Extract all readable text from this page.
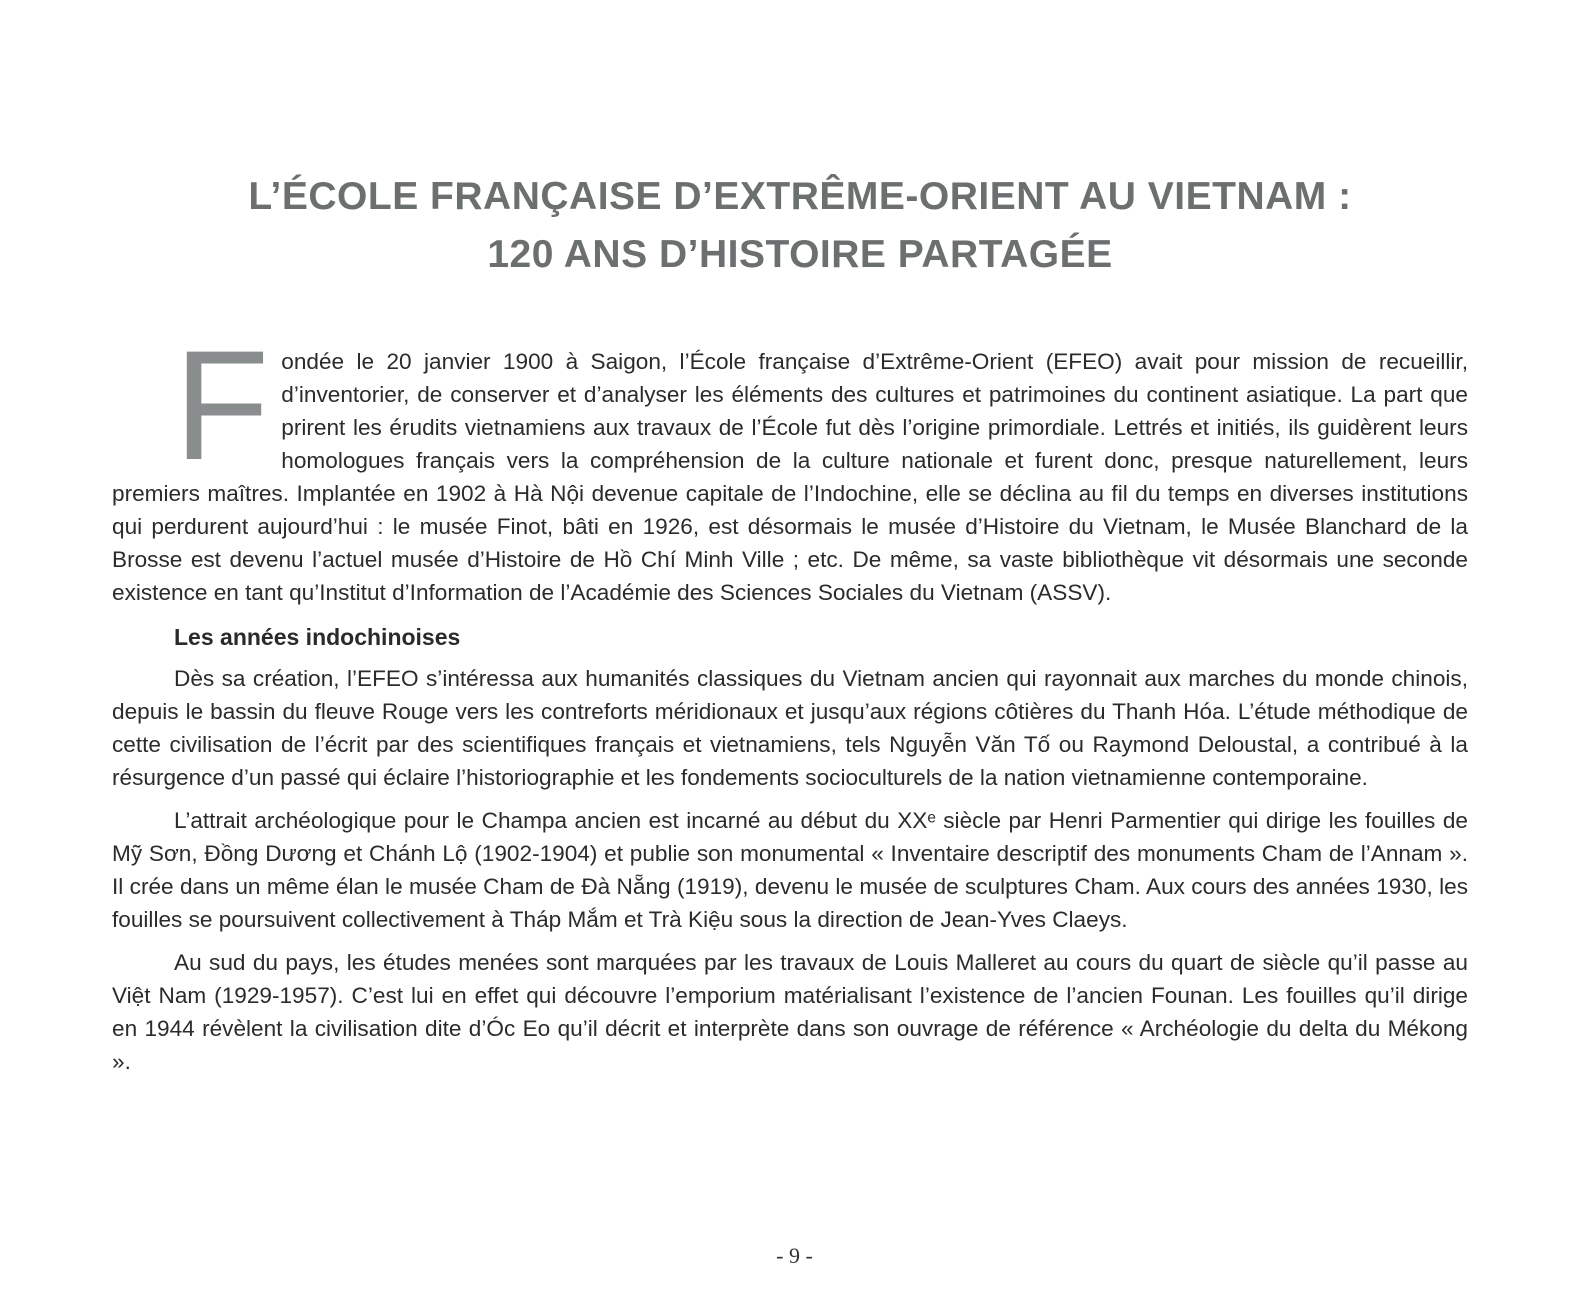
L’ÉCOLE FRANÇAISE D’EXTRÊME-ORIENT AU VIETNAM :
120 ANS D’HISTOIRE PARTAGÉE

F ondée le 20 janvier 1900 à Saigon, l’École française d’Extrême-Orient (EFEO) avait pour mission de recueillir, d’inventorier, de conserver et d’analyser les éléments des cultures et patrimoines du continent asiatique. La part que prirent les érudits vietnamiens aux travaux de l’École fut dès l’origine primordiale. Lettrés et initiés, ils guidèrent leurs homologues français vers la compréhension de la culture nationale et furent donc, presque naturellement, leurs premiers maîtres. Implantée en 1902 à Hà Nội devenue capitale de l’Indochine, elle se déclina au fil du temps en diverses institutions qui perdurent aujourd’hui : le musée Finot, bâti en 1926, est désormais le musée d’Histoire du Vietnam, le Musée Blanchard de la Brosse est devenu l’actuel musée d’Histoire de Hồ Chí Minh Ville ; etc. De même, sa vaste bibliothèque vit désormais une seconde existence en tant qu’Institut d’Information de l’Académie des Sciences Sociales du Vietnam (ASSV).

Les années indochinoises

Dès sa création, l’EFEO s’intéressa aux humanités classiques du Vietnam ancien qui rayonnait aux marches du monde chinois, depuis le bassin du fleuve Rouge vers les contreforts méridionaux et jusqu’aux régions côtières du Thanh Hóa. L’étude méthodique de cette civilisation de l’écrit par des scientifiques français et vietnamiens, tels Nguyễn Văn Tố ou Raymond Deloustal, a contribué à la résurgence d’un passé qui éclaire l’historiographie et les fondements socioculturels de la nation vietnamienne contemporaine.

L’attrait archéologique pour le Champa ancien est incarné au début du XXᵉ siècle par Henri Parmentier qui dirige les fouilles de Mỹ Sơn, Đồng Dương et Chánh Lộ (1902-1904) et publie son monumental « Inventaire descriptif des monuments Cham de l’Annam ». Il crée dans un même élan le musée Cham de Đà Nẵng (1919), devenu le musée de sculptures Cham. Aux cours des années 1930, les fouilles se poursuivent collectivement à Tháp Mắm et Trà Kiệu sous la direction de Jean-Yves Claeys.

Au sud du pays, les études menées sont marquées par les travaux de Louis Malleret au cours du quart de siècle qu’il passe au Việt Nam (1929-1957). C’est lui en effet qui découvre l’emporium matérialisant l’existence de l’ancien Founan. Les fouilles qu’il dirige en 1944 révèlent la civilisation dite d’Óc Eo qu’il décrit et interprète dans son ouvrage de référence « Archéologie du delta du Mékong ».

- 9 -
